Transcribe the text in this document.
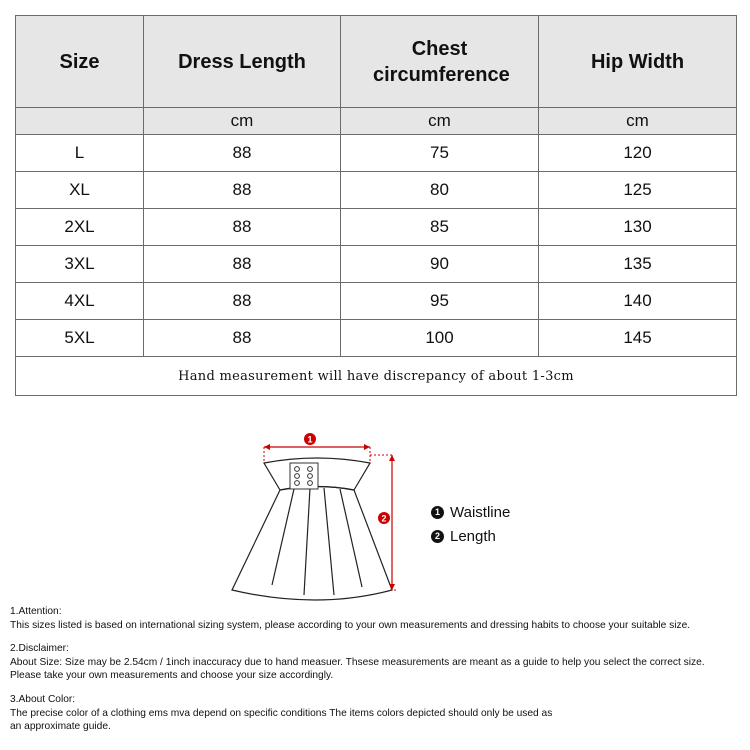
Size	Dress Length	Chest circumference	Hip Width
	cm	cm	cm
L	88	75	120
XL	88	80	125
2XL	88	85	130
3XL	88	90	135
4XL	88	95	140
5XL	88	100	145
Hand measurement will have discrepancy of about 1-3cm			
1
2
1 Waistline
2 Length

1.Attention:

This sizes listed is based on international sizing system, please according to your own measurements and dressing habits to choose your suitable size.

2.Disclaimer:

About Size: Size may be 2.54cm / 1inch inaccuracy due to hand measuer. Thsese measurements are meant as a guide to help you select the correct size.

Please take your own measurements and choose your size accordingly.

3.About Color:

The precise color of a clothing ems mva depend on specific conditions The items colors depicted should only be used as

an approximate guide.
